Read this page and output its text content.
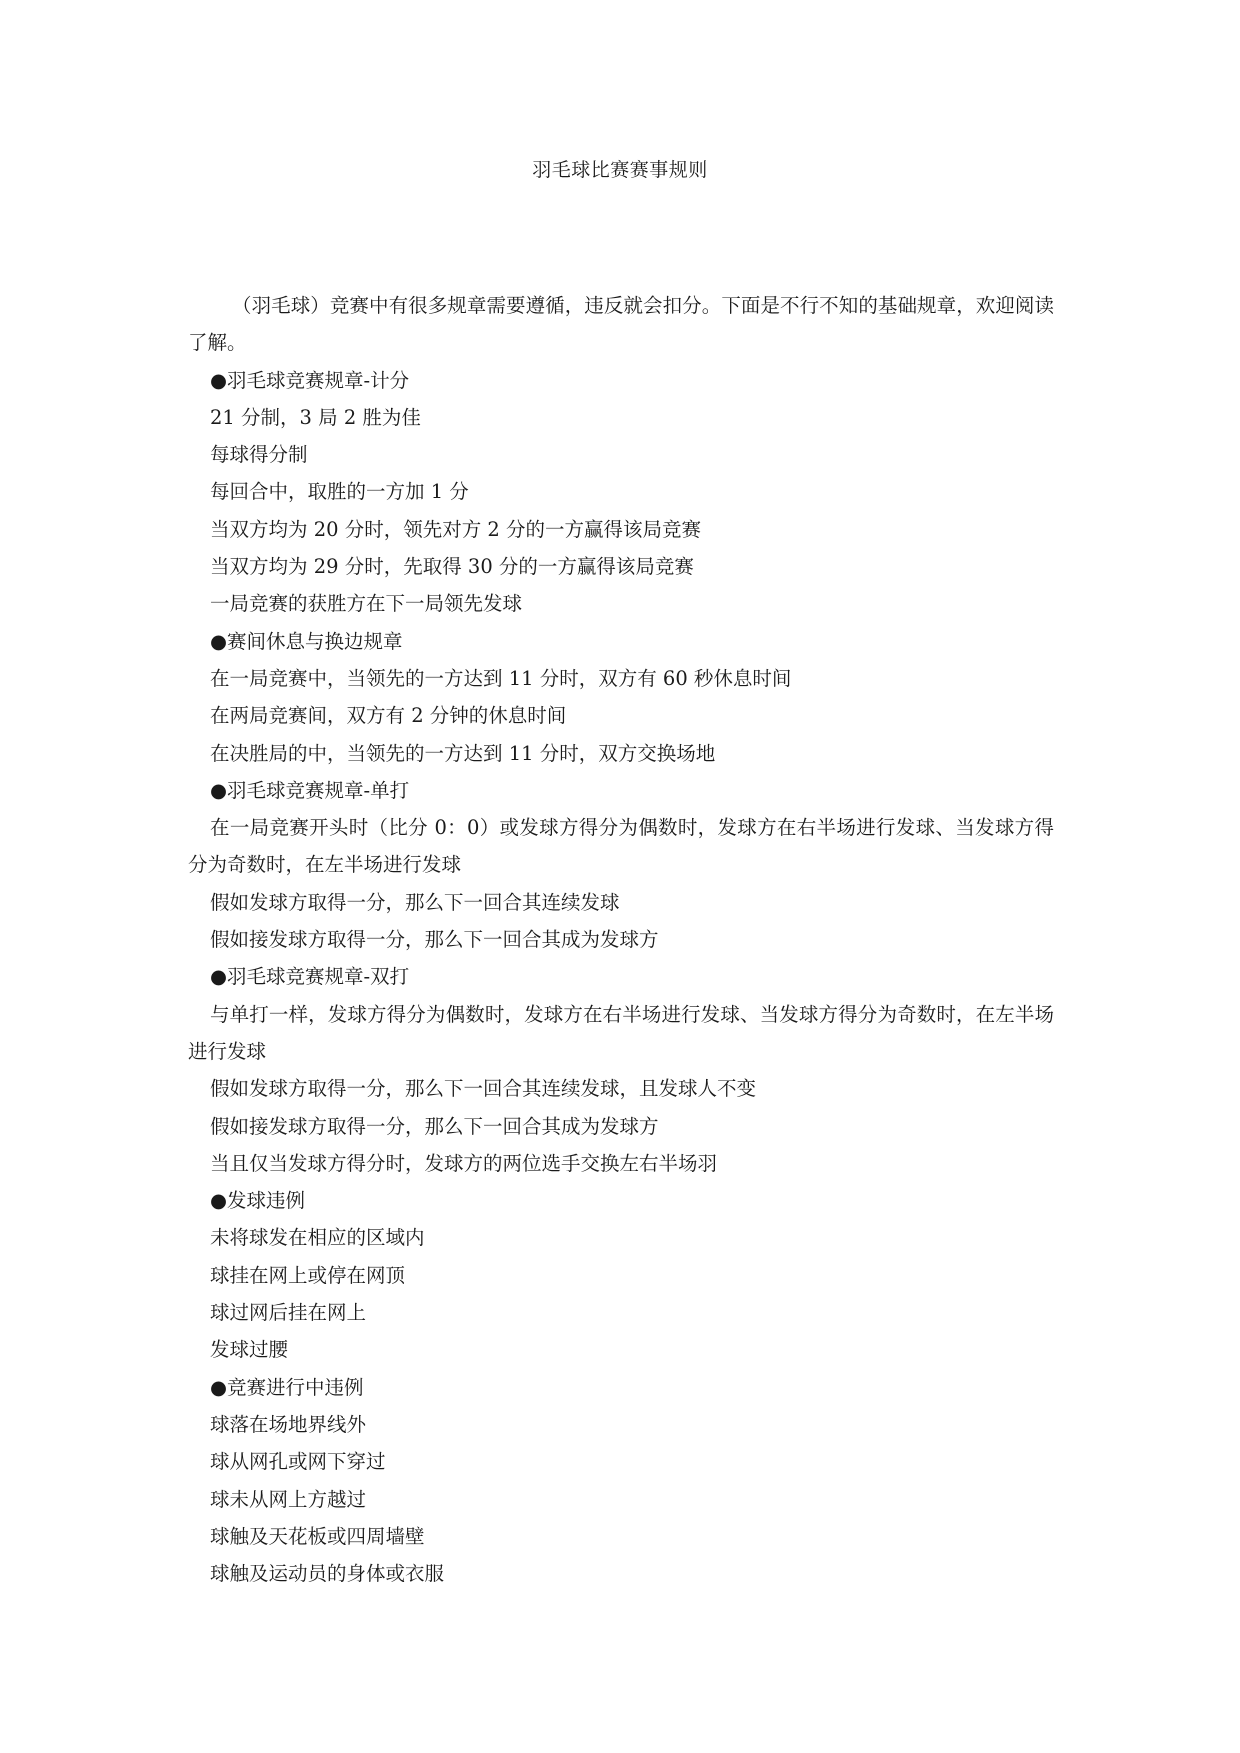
羽毛球比赛赛事规则

（羽毛球）竞赛中有很多规章需要遵循，违反就会扣分。下面是不行不知的基础规章，欢迎阅读了解。

●羽毛球竞赛规章-计分

21 分制，3 局 2 胜为佳

每球得分制

每回合中，取胜的一方加 1 分

当双方均为 20 分时，领先对方 2 分的一方赢得该局竞赛

当双方均为 29 分时，先取得 30 分的一方赢得该局竞赛

一局竞赛的获胜方在下一局领先发球

●赛间休息与换边规章

在一局竞赛中，当领先的一方达到 11 分时，双方有 60 秒休息时间

在两局竞赛间，双方有 2 分钟的休息时间

在决胜局的中，当领先的一方达到 11 分时，双方交换场地

●羽毛球竞赛规章-单打

在一局竞赛开头时（比分 0：0）或发球方得分为偶数时，发球方在右半场进行发球、当发球方得分为奇数时，在左半场进行发球

假如发球方取得一分，那么下一回合其连续发球

假如接发球方取得一分，那么下一回合其成为发球方

●羽毛球竞赛规章-双打

与单打一样，发球方得分为偶数时，发球方在右半场进行发球、当发球方得分为奇数时，在左半场进行发球

假如发球方取得一分，那么下一回合其连续发球，且发球人不变

假如接发球方取得一分，那么下一回合其成为发球方

当且仅当发球方得分时，发球方的两位选手交换左右半场羽

●发球违例

未将球发在相应的区域内

球挂在网上或停在网顶

球过网后挂在网上

发球过腰

●竞赛进行中违例

球落在场地界线外

球从网孔或网下穿过

球未从网上方越过

球触及天花板或四周墙壁

球触及运动员的身体或衣服
